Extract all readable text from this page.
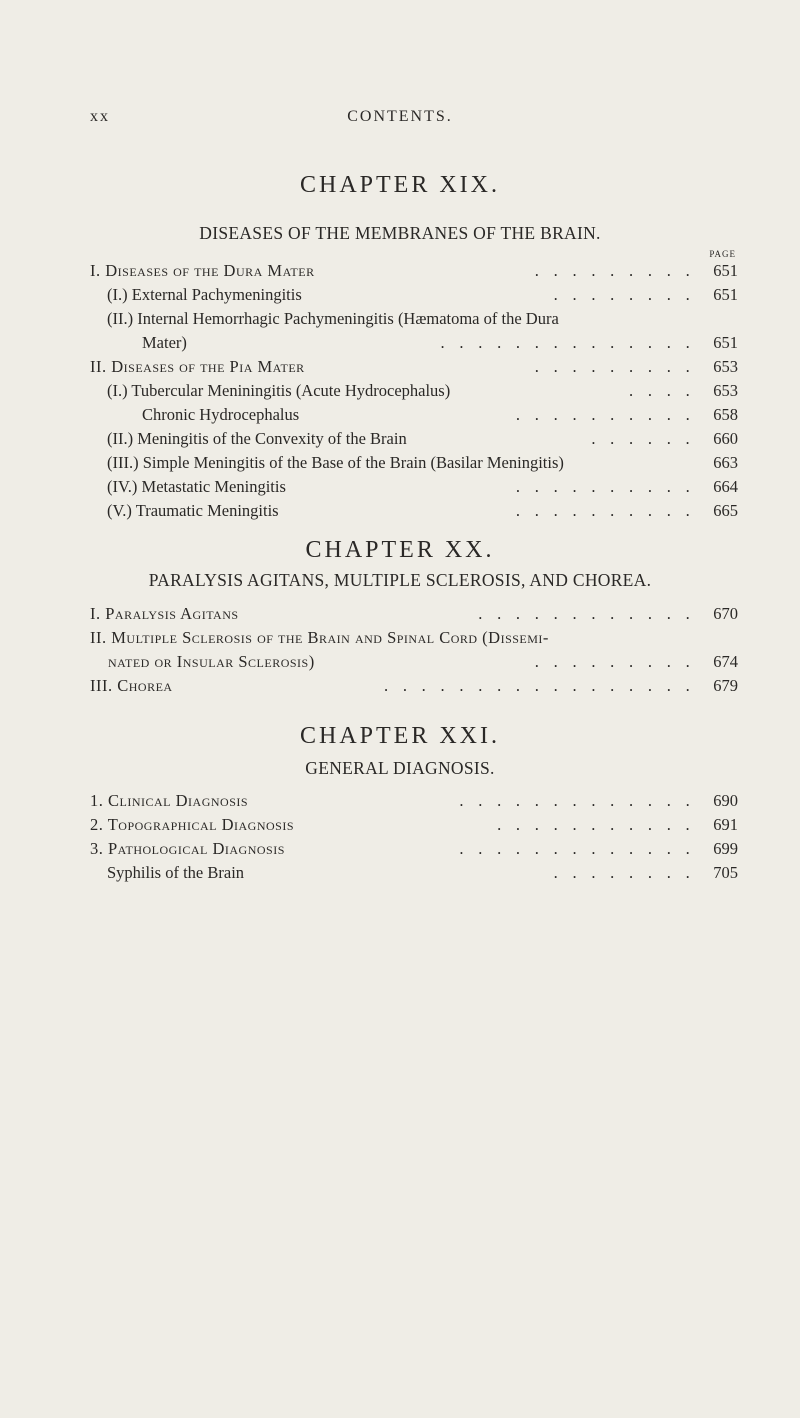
xx	CONTENTS.
CHAPTER XIX.
DISEASES OF THE MEMBRANES OF THE BRAIN.
PAGE
I. Diseases of the Dura Mater	. . . . . . . . . 651
(I.) External Pachymeningitis	. . . . . . . . 651
(II.) Internal Hemorrhagic Pachymeningitis (Hæmatoma of the Dura
Mater)	. . . . . . . . . . . . . . 651
II. Diseases of the Pia Mater	. . . . . . . . . 653
(I.) Tubercular Meniningitis (Acute Hydrocephalus)	. . . . 653
Chronic Hydrocephalus	. . . . . . . . . . 658
(II.) Meningitis of the Convexity of the Brain	. . . . . . 660
(III.) Simple Meningitis of the Base of the Brain (Basilar Meningitis)	663
(IV.) Metastatic Meningitis	. . . . . . . . . . 664
(V.) Traumatic Meningitis	. . . . . . . . . . 665
CHAPTER XX.
PARALYSIS AGITANS, MULTIPLE SCLEROSIS, AND CHOREA.
I. Paralysis Agitans	. . . . . . . . . . . . 670
II. Multiple Sclerosis of the Brain and Spinal Cord (Dissemi-
nated or Insular Sclerosis)	. . . . . . . . . 674
III. Chorea	. . . . . . . . . . . . . . . . . 679
CHAPTER XXI.
GENERAL DIAGNOSIS.
1. Clinical Diagnosis	. . . . . . . . . . . . . 690
2. Topographical Diagnosis	. . . . . . . . . . . 691
3. Pathological Diagnosis	. . . . . . . . . . . . . 699
Syphilis of the Brain	. . . . . . . . 705
